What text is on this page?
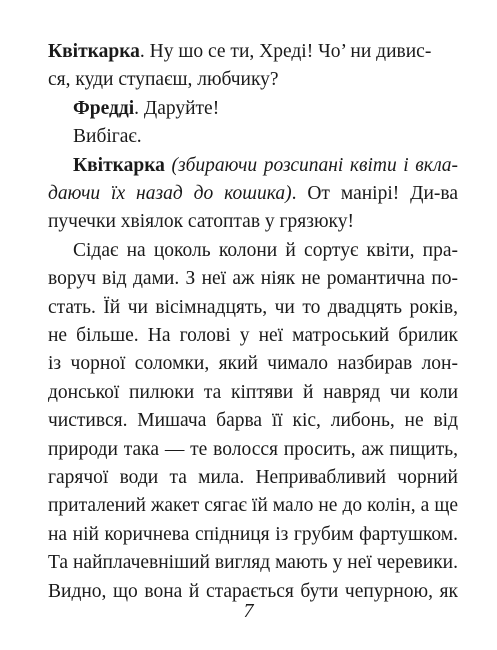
Квіткарка. Ну шо се ти, Хреді! Чо’ ни дивис-
ся, куди ступаєш, любчику?
Фредді. Даруйте!
Вибігає.
Квіткарка (збираючи розсипані квіти і вклa-
даючи їх назад до кошика). От манірі! Ди-ва
пучечки хвіялок сатоптав у грязюку!
Сідає на цоколь колони й сортує квіти, пра-
воруч від дами. З неї аж ніяк не романтична по-
стать. Їй чи вісімнадцять, чи то двадцять років,
не більше. На голові у неї матроський брилик
із чорної соломки, який чимало назбирав лон-
донської пилюки та кіптяви й навряд чи коли
чистився. Мишача барва її кіс, либонь, не від
природи така — те волосся просить, аж пищить,
гарячої води та мила. Непривабливий чорний
приталений жакет сягає їй мало не до колін, а ще
на ній коричнева спідниця із грубим фартушком.
Та найплачевніший вигляд мають у неї черевики.
Видно, що вона й старається бути чепурною, як
7
